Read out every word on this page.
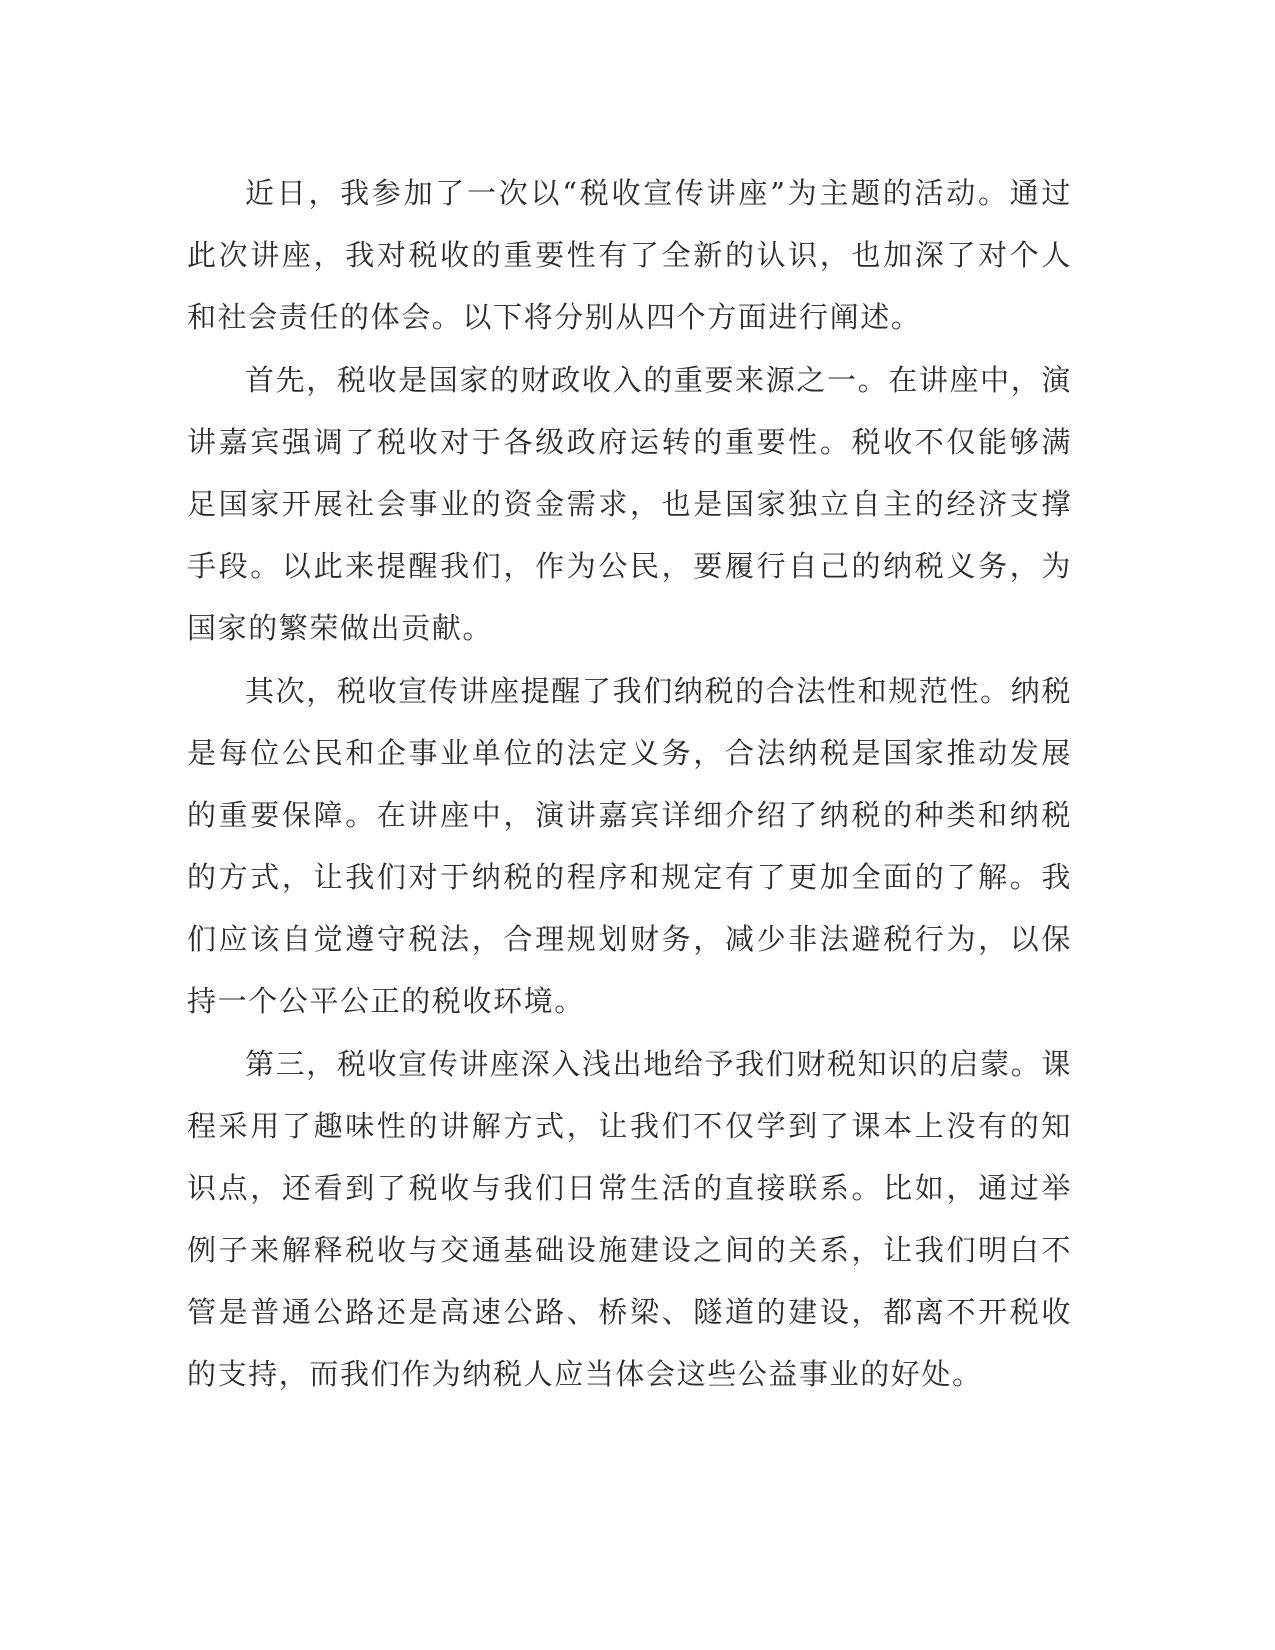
近日，我参加了一次以“税收宣传讲座”为主题的活动。通过此次讲座，我对税收的重要性有了全新的认识，也加深了对个人和社会责任的体会。以下将分别从四个方面进行阐述。

首先，税收是国家的财政收入的重要来源之一。在讲座中，演讲嘉宾强调了税收对于各级政府运转的重要性。税收不仅能够满足国家开展社会事业的资金需求，也是国家独立自主的经济支撑手段。以此来提醒我们，作为公民，要履行自己的纳税义务，为国家的繁荣做出贡献。

其次，税收宣传讲座提醒了我们纳税的合法性和规范性。纳税是每位公民和企事业单位的法定义务，合法纳税是国家推动发展的重要保障。在讲座中，演讲嘉宾详细介绍了纳税的种类和纳税的方式，让我们对于纳税的程序和规定有了更加全面的了解。我们应该自觉遵守税法，合理规划财务，减少非法避税行为，以保持一个公平公正的税收环境。

第三，税收宣传讲座深入浅出地给予我们财税知识的启蒙。课程采用了趣味性的讲解方式，让我们不仅学到了课本上没有的知识点，还看到了税收与我们日常生活的直接联系。比如，通过举例子来解释税收与交通基础设施建设之间的关系，让我们明白不管是普通公路还是高速公路、桥梁、隧道的建设，都离不开税收的支持，而我们作为纳税人应当体会这些公益事业的好处。
